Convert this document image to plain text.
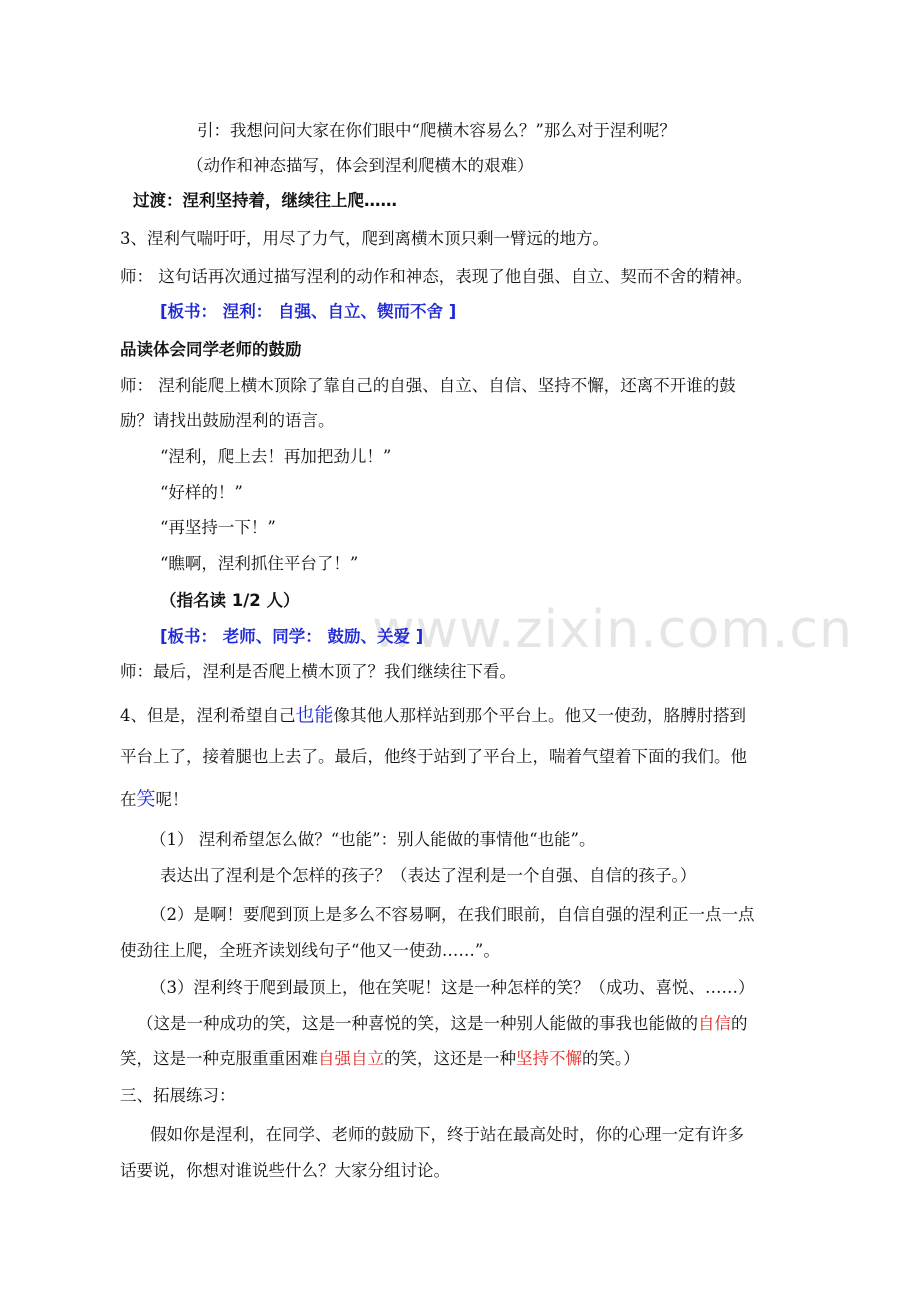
www.zixin.com.cn
引：我想问问大家在你们眼中“爬横木容易么？”那么对于涅利呢？
（动作和神态描写，体会到涅利爬横木的艰难）
过渡：涅利坚持着，继续往上爬……
3、涅利气喘吁吁，用尽了力气，爬到离横木顶只剩一臂远的地方。
师： 这句话再次通过描写涅利的动作和神态，表现了他自强、自立、契而不舍的精神。
[板书： 涅利： 自强、自立、锲而不舍 ]
品读体会同学老师的鼓励
师： 涅利能爬上横木顶除了靠自己的自强、自立、自信、坚持不懈，还离不开谁的鼓
励？请找出鼓励涅利的语言。
“涅利，爬上去！再加把劲儿！”
“好样的！”
“再坚持一下！”
“瞧啊，涅利抓住平台了！”
（指名读 1/2 人）
[板书： 老师、同学： 鼓励、关爱 ]
师：最后，涅利是否爬上横木顶了？我们继续往下看。
4、但是，涅利希望自己也能像其他人那样站到那个平台上。他又一使劲，胳膊肘搭到
平台上了，接着腿也上去了。最后，他终于站到了平台上，喘着气望着下面的我们。他
在笑呢！
（1） 涅利希望怎么做？“也能”：别人能做的事情他“也能”。
表达出了涅利是个怎样的孩子？（表达了涅利是一个自强、自信的孩子。）
（2）是啊！要爬到顶上是多么不容易啊，在我们眼前，自信自强的涅利正一点一点
使劲往上爬，全班齐读划线句子“他又一使劲……”。
（3）涅利终于爬到最顶上，他在笑呢！这是一种怎样的笑？（成功、喜悦、……）
（这是一种成功的笑，这是一种喜悦的笑，这是一种别人能做的事我也能做的自信的
笑，这是一种克服重重困难自强自立的笑，这还是一种坚持不懈的笑。）
三、拓展练习：
假如你是涅利，在同学、老师的鼓励下，终于站在最高处时，你的心理一定有许多
话要说，你想对谁说些什么？大家分组讨论。
